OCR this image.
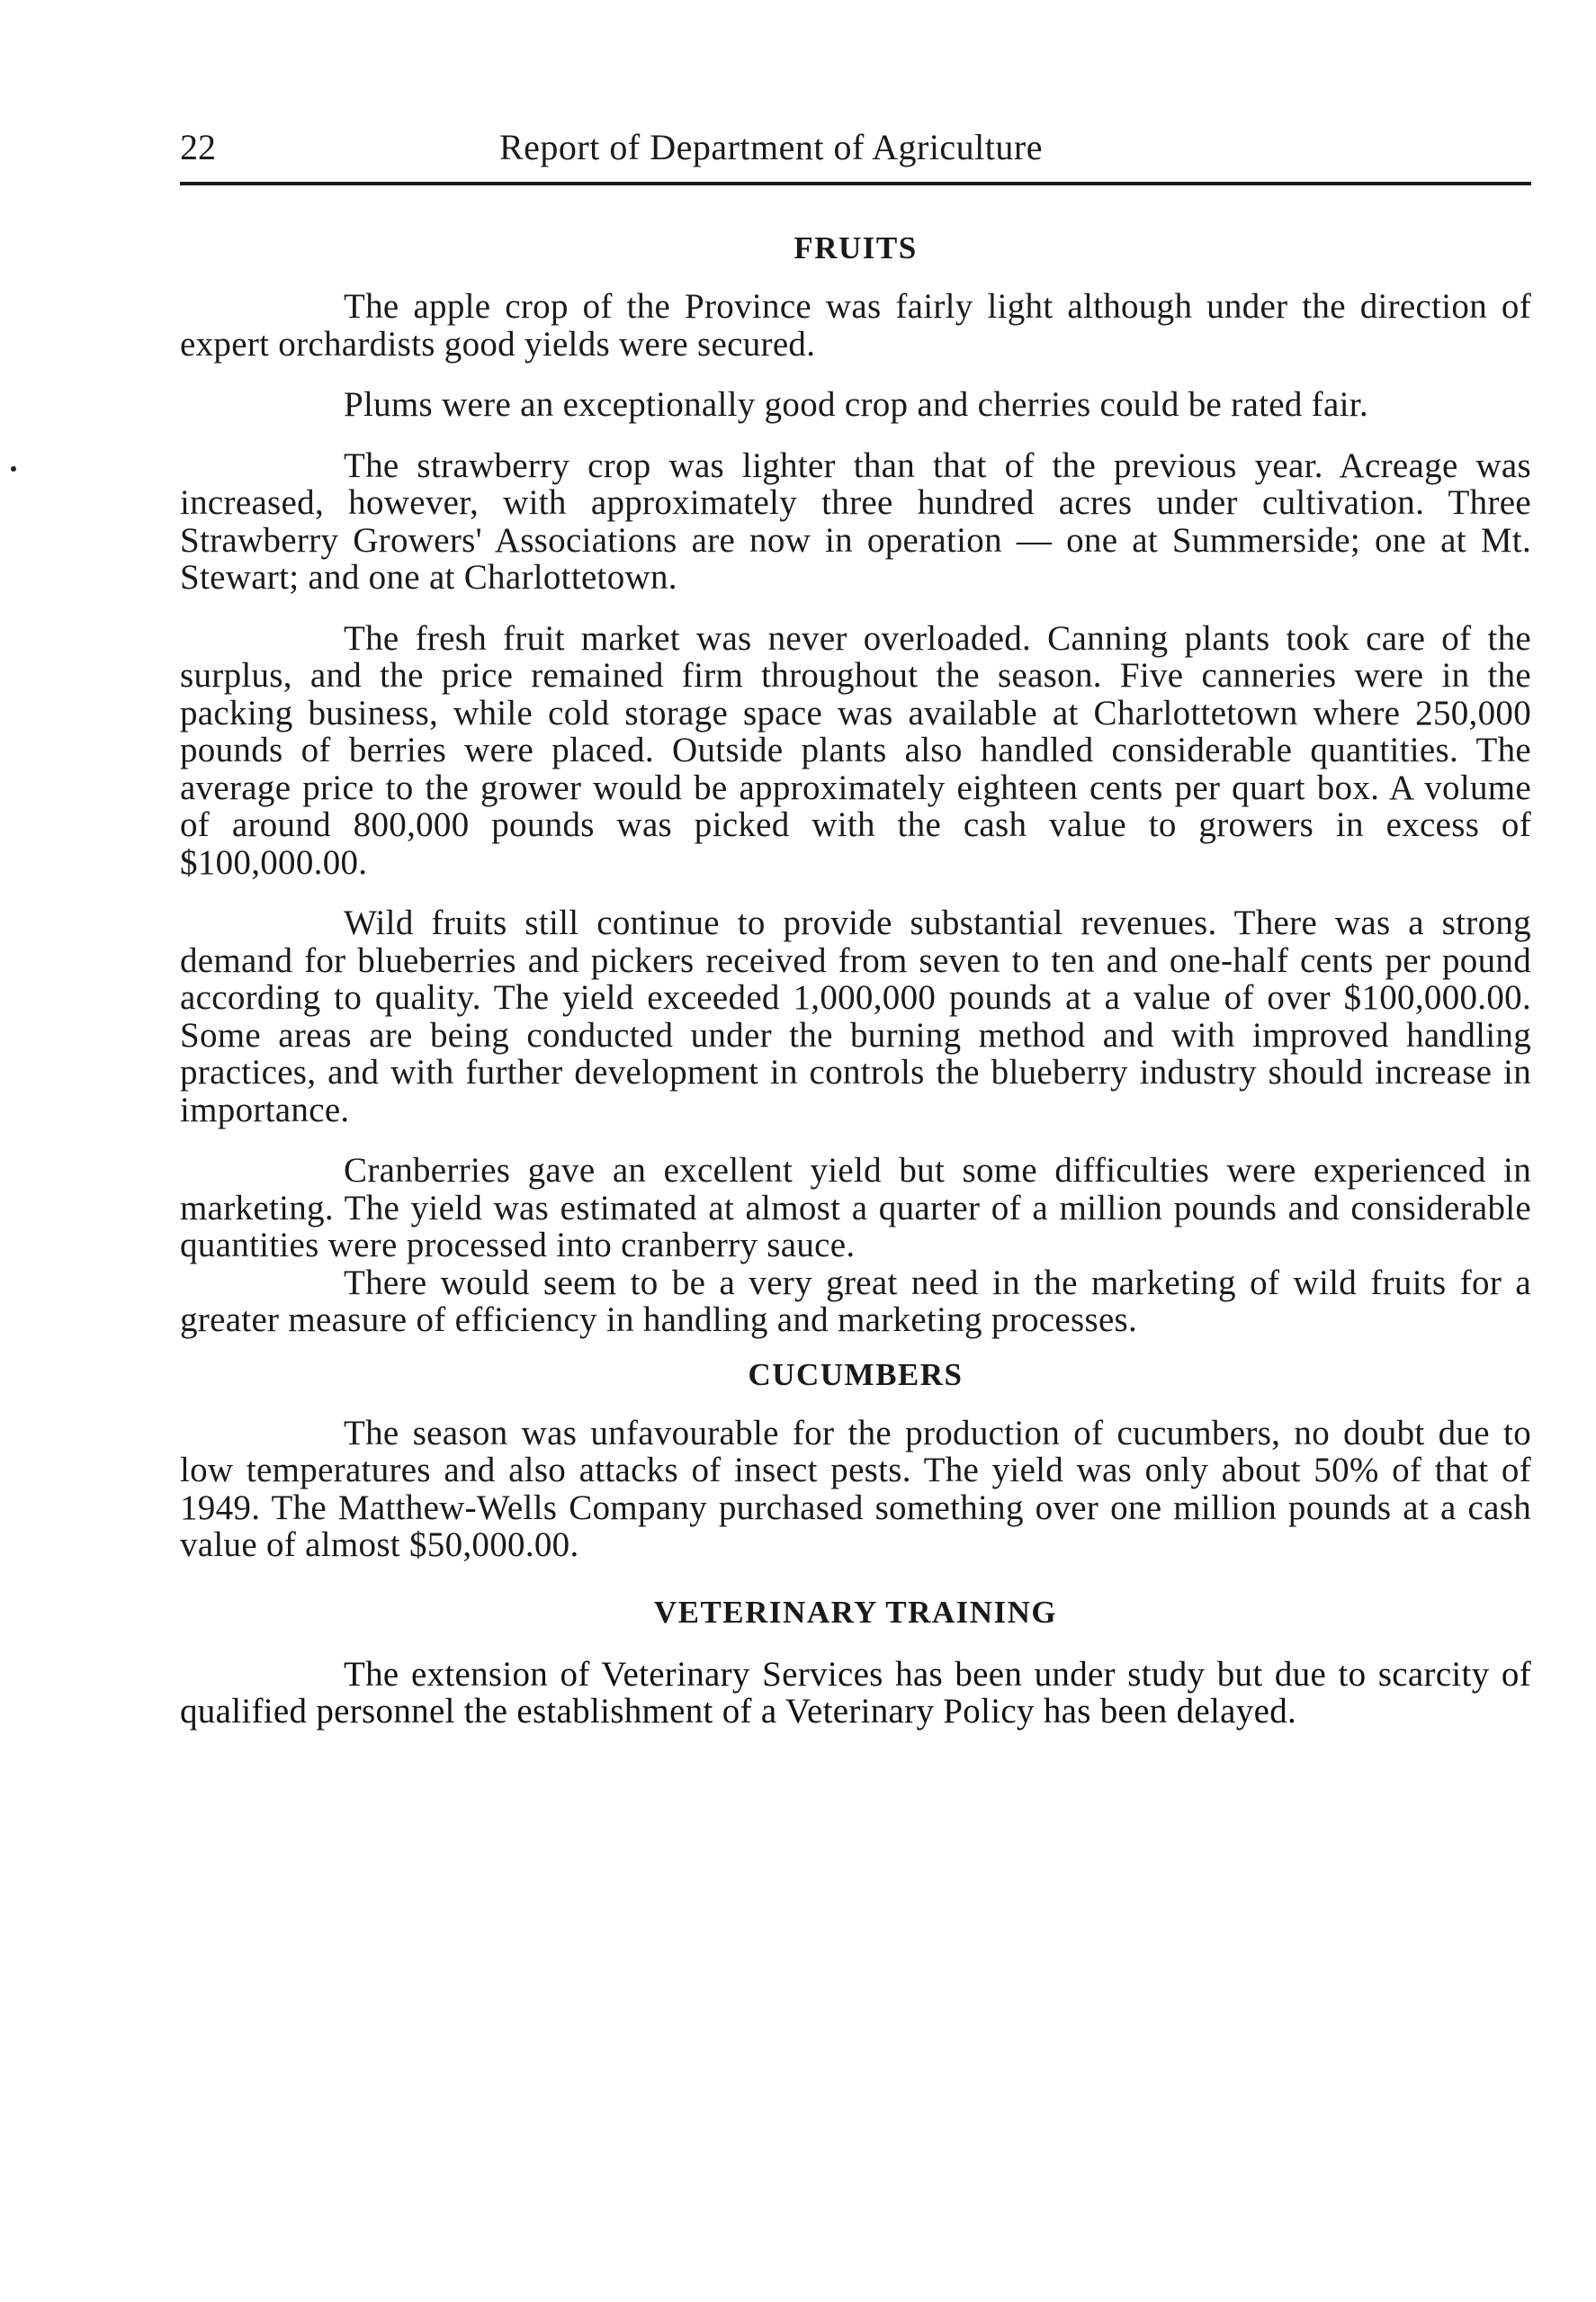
22	Report of Department of Agriculture
FRUITS

The apple crop of the Province was fairly light although under the direction of expert orchardists good yields were secured.

Plums were an exceptionally good crop and cherries could be rated fair.

The strawberry crop was lighter than that of the previous year. Acreage was increased, however, with approximately three hundred acres under cultivation. Three Strawberry Growers' Associations are now in operation — one at Summerside; one at Mt. Stewart; and one at Charlottetown.

The fresh fruit market was never overloaded. Canning plants took care of the surplus, and the price remained firm throughout the season. Five canneries were in the packing business, while cold storage space was available at Charlottetown where 250,000 pounds of berries were placed. Outside plants also handled considerable quantities. The average price to the grower would be approximately eighteen cents per quart box. A volume of around 800,000 pounds was picked with the cash value to growers in excess of $100,000.00.

Wild fruits still continue to provide substantial revenues. There was a strong demand for blueberries and pickers received from seven to ten and one-half cents per pound according to quality. The yield exceeded 1,000,000 pounds at a value of over $100,000.00. Some areas are being conducted under the burning method and with improved handling practices, and with further development in controls the blueberry industry should increase in importance.

Cranberries gave an excellent yield but some difficulties were experienced in marketing. The yield was estimated at almost a quarter of a million pounds and considerable quantities were processed into cranberry sauce.

There would seem to be a very great need in the marketing of wild fruits for a greater measure of efficiency in handling and marketing processes.

CUCUMBERS

The season was unfavourable for the production of cucumbers, no doubt due to low temperatures and also attacks of insect pests. The yield was only about 50% of that of 1949. The Matthew-Wells Company purchased something over one million pounds at a cash value of almost $50,000.00.

VETERINARY TRAINING

The extension of Veterinary Services has been under study but due to scarcity of qualified personnel the establishment of a Veterinary Policy has been delayed.
